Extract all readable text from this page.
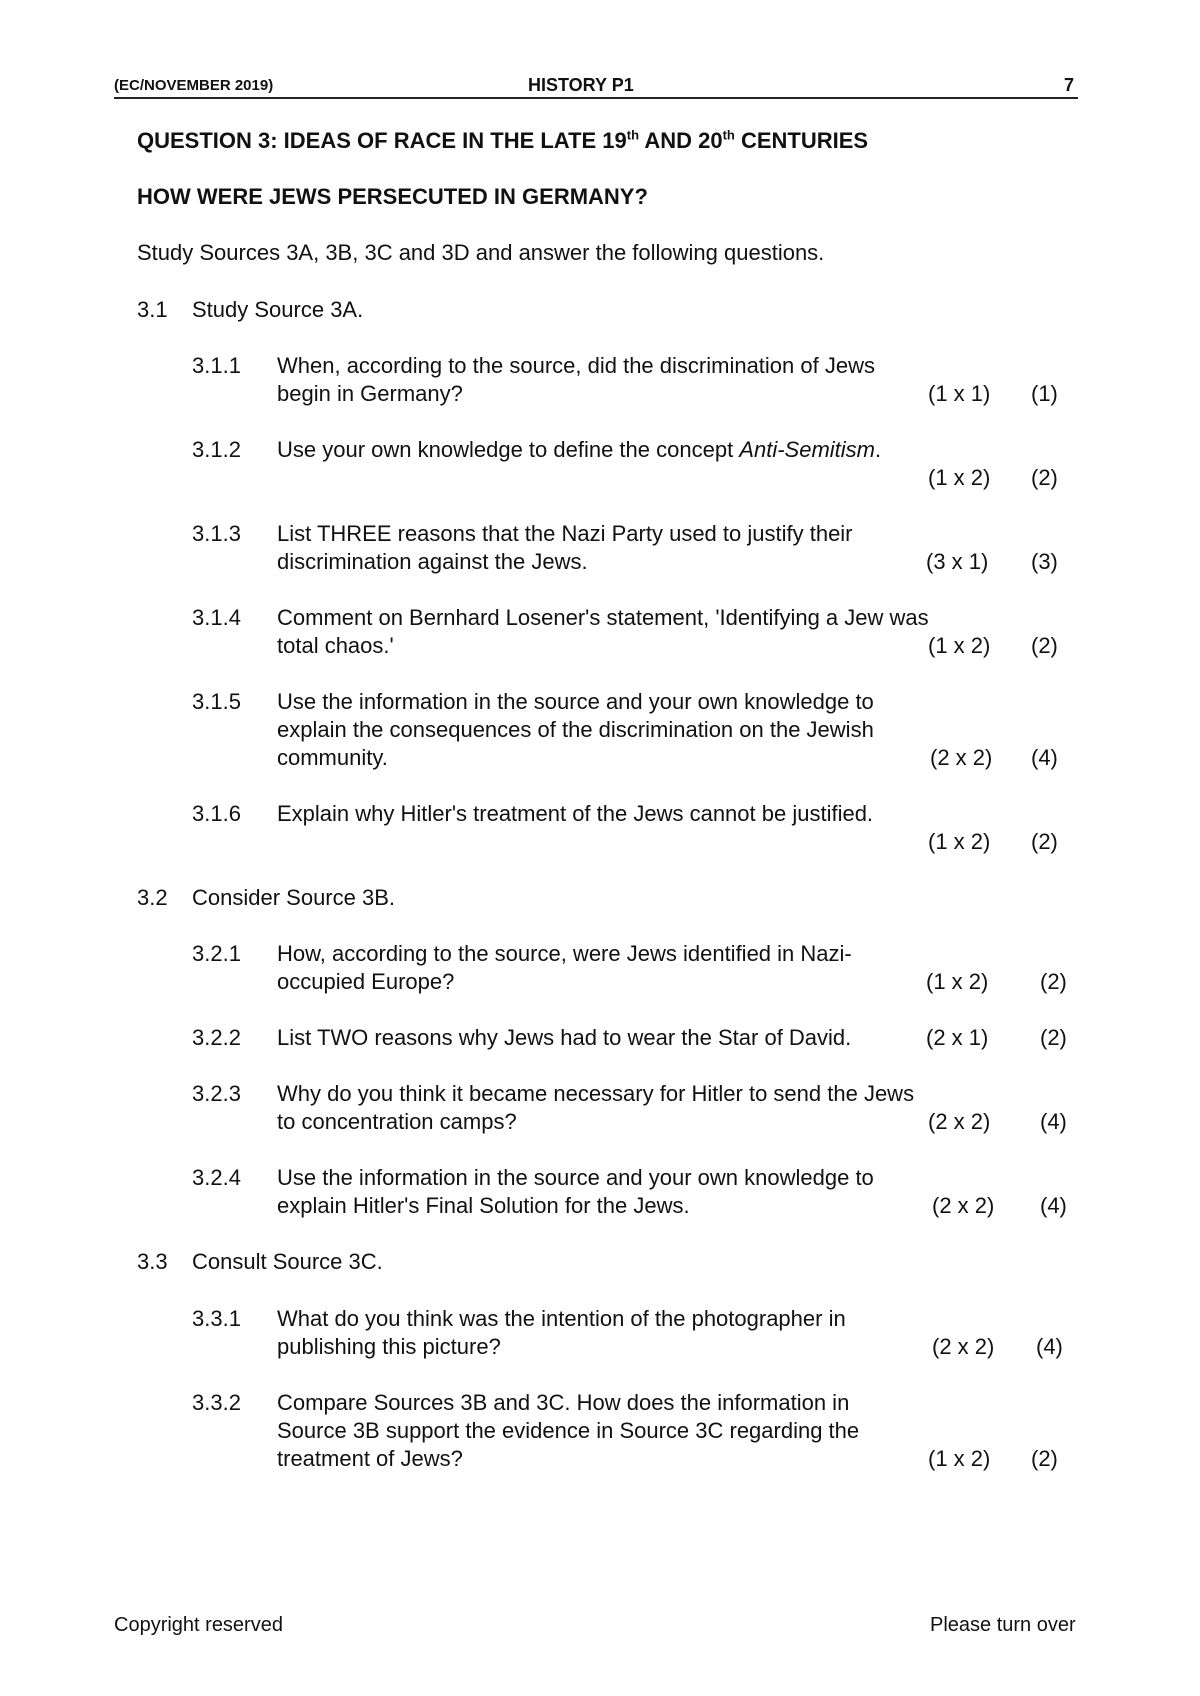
(EC/NOVEMBER 2019)	HISTORY P1	7
QUESTION 3: IDEAS OF RACE IN THE LATE 19th AND 20th CENTURIES
HOW WERE JEWS PERSECUTED IN GERMANY?
Study Sources 3A, 3B, 3C and 3D and answer the following questions.
3.1 Study Source 3A.
3.1.1 When, according to the source, did the discrimination of Jews
begin in Germany?	(1 x 1) (1)
3.1.2 Use your own knowledge to define the concept Anti-Semitism.
(1 x 2) (2)
3.1.3 List THREE reasons that the Nazi Party used to justify their
discrimination against the Jews.	(3 x 1) (3)
3.1.4 Comment on Bernhard Losener's statement, 'Identifying a Jew was
total chaos.'	(1 x 2) (2)
3.1.5 Use the information in the source and your own knowledge to
explain the consequences of the discrimination on the Jewish
community.	(2 x 2) (4)
3.1.6 Explain why Hitler's treatment of the Jews cannot be justified.
(1 x 2) (2)
3.2 Consider Source 3B.
3.2.1 How, according to the source, were Jews identified in Nazi-
occupied Europe?	(1 x 2) (2)
3.2.2 List TWO reasons why Jews had to wear the Star of David.	(2 x 1) (2)
3.2.3 Why do you think it became necessary for Hitler to send the Jews
to concentration camps?	(2 x 2) (4)
3.2.4 Use the information in the source and your own knowledge to
explain Hitler's Final Solution for the Jews.	(2 x 2) (4)
3.3 Consult Source 3C.
3.3.1 What do you think was the intention of the photographer in
publishing this picture?	(2 x 2) (4)
3.3.2 Compare Sources 3B and 3C. How does the information in
Source 3B support the evidence in Source 3C regarding the
treatment of Jews?	(1 x 2) (2)
Copyright reserved	Please turn over
